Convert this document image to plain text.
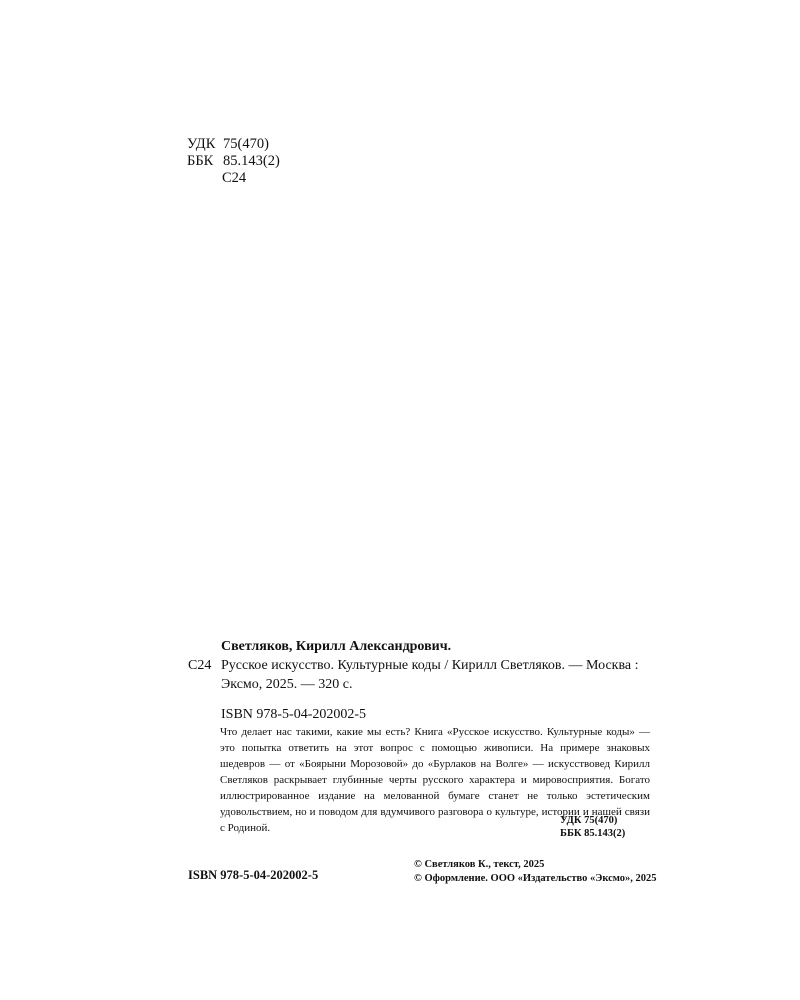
УДК 75(470)
ББК 85.143(2)
С24
Светляков, Кирилл Александрович.
С24 Русское искусство. Культурные коды / Кирилл Светляков. — Москва :
Эксмо, 2025. — 320 с.
ISBN 978-5-04-202002-5
Что делает нас такими, какие мы есть? Книга «Русское искусство. Культурные коды» — это попытка ответить на этот вопрос с помощью живописи. На примере знаковых шедевров — от «Боярыни Морозовой» до «Бурлаков на Волге» — искусствовед Кирилл Светляков раскрывает глубинные черты русского характера и мировосприятия. Богато иллюстрированное издание на мелованной бумаге станет не только эстетическим удовольствием, но и поводом для вдумчивого разговора о культуре, истории и нашей связи с Родиной.
УДК 75(470)
ББК 85.143(2)
ISBN 978-5-04-202002-5
© Светляков К., текст, 2025
© Оформление. ООО «Издательство «Эксмо», 2025
